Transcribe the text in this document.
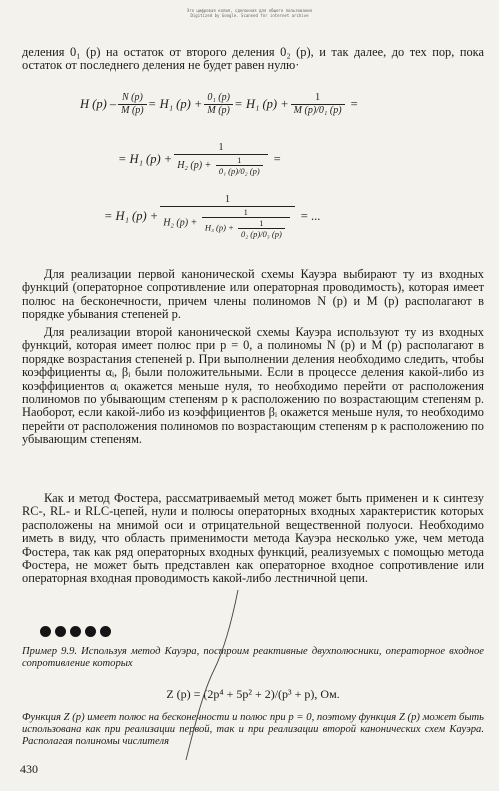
Это цифровая копия, сделанная для общего пользования
Digitized by Google. Scanned for internet archive

деления 0₁ (p) на остаток от второго деления 0₂ (p), и так далее, до тех пор, пока остаток от последнего деления не будет равен нулю·

H $(p) - \frac{N (p)}{M (p)} = H_1$ $(p) + \frac{\text{0₁ (p)}}{M (p)} = H_1$ $(p) + \frac{1}{\text{M (p)/0₁ (p)}}$ =
= H₁ $(p) + \frac{1}{H_2 (p) + \frac{1}{\text{0₁ (p)/0₂ (p)}}}$ =
= H₁ (p) +
1
H₂ $(p) + \frac{1}{H_3 (p) + \frac{1}{\text{0₂ (p)/0₃ (p)}}}$ = ...

Для реализации первой канонической схемы Кауэра выбирают ту из входных функций (операторное сопротивление или операторная проводимость), которая имеет полюс на бесконечности, причем члены полиномов N (p) и M (p) располагают в порядке убывания степеней p.

Для реализации второй канонической схемы Кауэра используют ту из входных функций, которая имеет полюс при p = 0, а полиномы N (p) и M (p) располагают в порядке возрастания степеней p. При выполнении деления необходимо следить, чтобы коэффициенты αᵢ, βᵢ были положительными. Если в процессе деления какой-либо из коэффициентов αᵢ окажется меньше нуля, то необходимо перейти от расположения полиномов по убывающим степеням p к расположению по возрастающим степеням p. Наоборот, если какой-либо из коэффициентов βᵢ окажется меньше нуля, то необходимо перейти от расположения полиномов по возрастающим степеням p к расположению по убывающим степеням.

Как и метод Фостера, рассматриваемый метод может быть применен и к синтезу RC-, RL- и RLC-цепей, нули и полюсы операторных входных характеристик которых расположены на мнимой оси и отрицательной вещественной полуоси. Необходимо иметь в виду, что область применимости метода Кауэра несколько уже, чем метода Фостера, так как ряд операторных входных функций, реализуемых с помощью метода Фостера, не может быть представлен как операторное входное сопротивление или операторная входная проводимость какой-либо лестничной цепи.

Пример 9.9. Используя метод Кауэра, построим реактивные двухполюсники, операторное входное сопротивление которых

Z (p) = (2p⁴ + 5p² + 2)/(p³ + p), Ом.

Функция Z (p) имеет полюс на бесконечности и полюс при p = 0, поэтому функция Z (p) может быть использована как при реализации первой, так и при реализации второй канонических схем Кауэра. Располагая полиномы числителя

430
